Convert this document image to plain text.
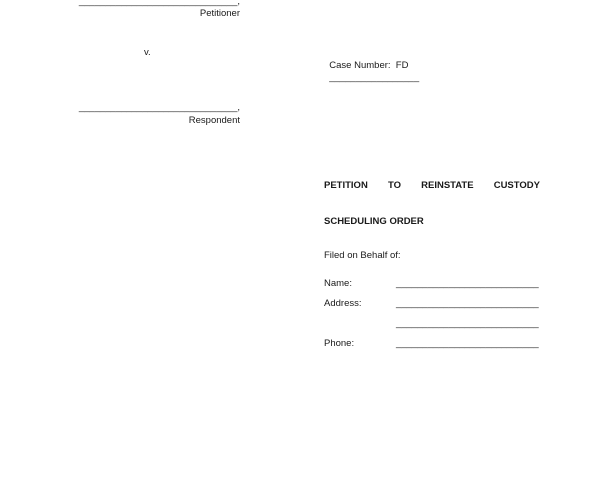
______________________________,
Petitioner
v.
______________________________,
Respondent

Case Number:  FD
_________________

PETITION TO REINSTATE CUSTODY

SCHEDULING ORDER

Filed on Behalf of:
Name:	___________________________
Address:	___________________________
___________________________
Phone:	___________________________
